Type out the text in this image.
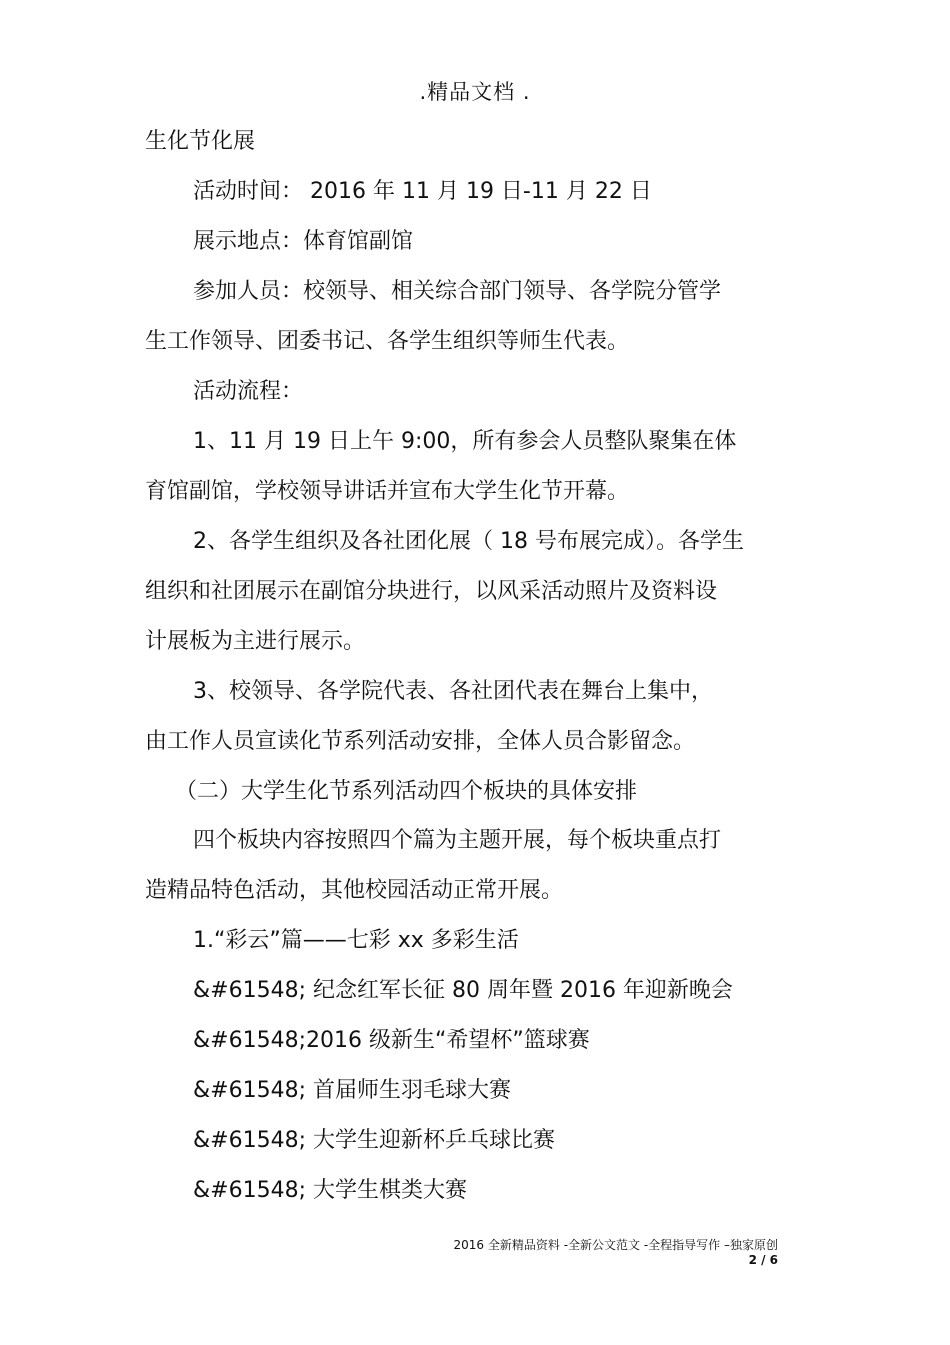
.精品文档 .
生化节化展
活动时间： 2016 年 11 月 19 日-11 月 22 日
展示地点：体育馆副馆
参加人员：校领导、相关综合部门领导、各学院分管学
生工作领导、团委书记、各学生组织等师生代表。
活动流程：
1、11 月 19 日上午 9:00，所有参会人员整队聚集在体
育馆副馆，学校领导讲话并宣布大学生化节开幕。
2、各学生组织及各社团化展（ 18 号布展完成）。各学生
组织和社团展示在副馆分块进行，以风采活动照片及资料设
计展板为主进行展示。
3、校领导、各学院代表、各社团代表在舞台上集中，
由工作人员宣读化节系列活动安排，全体人员合影留念。
（二）大学生化节系列活动四个板块的具体安排
四个板块内容按照四个篇为主题开展，每个板块重点打
造精品特色活动，其他校园活动正常开展。
1.“彩云”篇——七彩 xx 多彩生活
&#61548; 纪念红军长征 80 周年暨 2016 年迎新晚会
&#61548;2016 级新生“希望杯”篮球赛
&#61548; 首届师生羽毛球大赛
&#61548; 大学生迎新杯乒乓球比赛
&#61548; 大学生棋类大赛
2016 全新精品资料 -全新公文范文 -全程指导写作 –独家原创
2 / 6
